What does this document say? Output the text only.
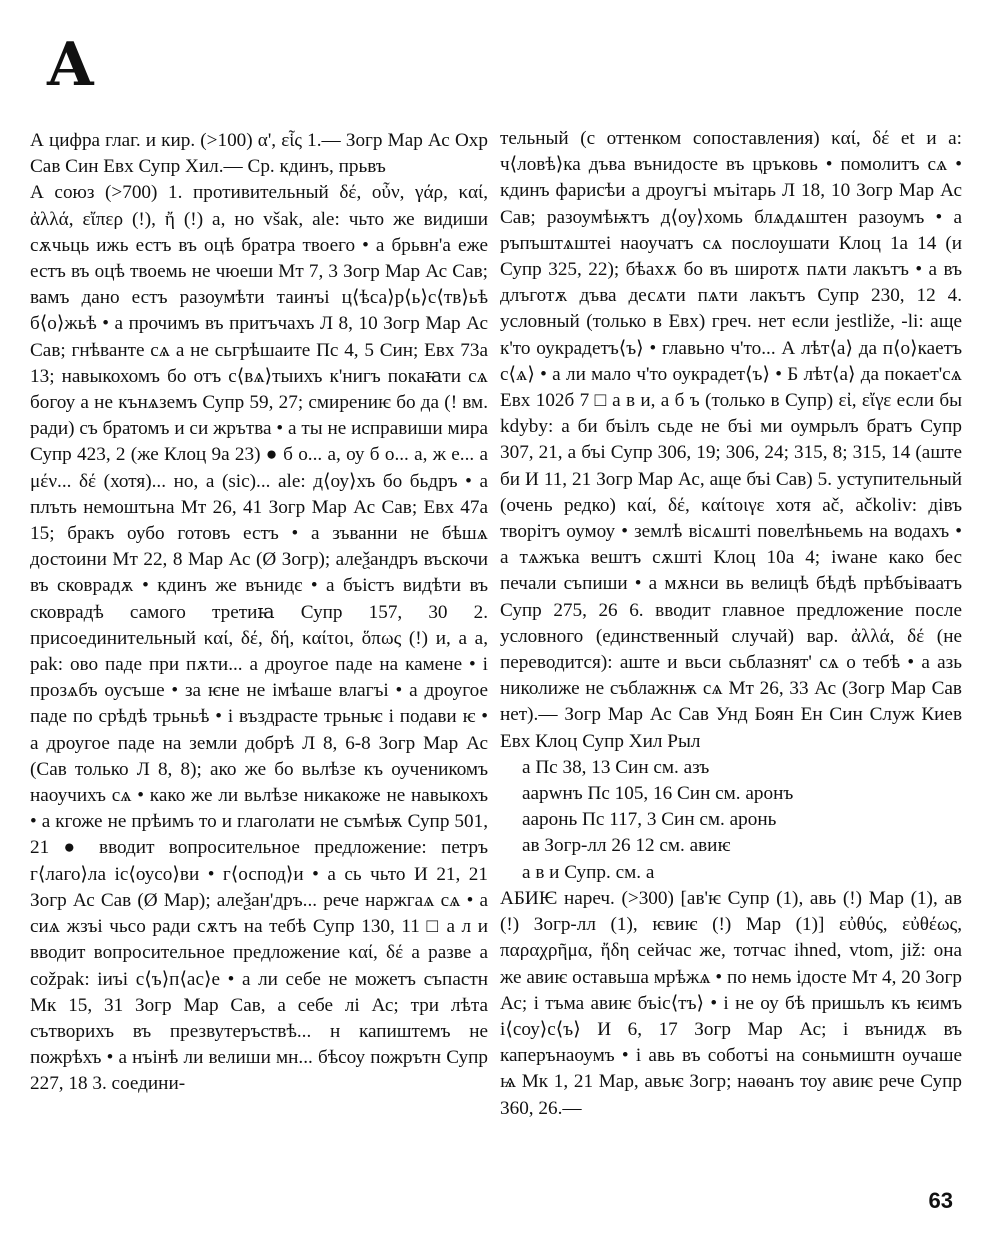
А

А цифра глаг. и кир. (>100) α', εἷς 1.— Зогр Мар Ас Охр Сав Син Евх Супр Хил.— Ср. кдинъ, прьвъ

А союз (>700) 1. противительный δέ, οὖν, γάρ, καί, ἀλλά, εἴπερ (!), ἤ (!) а, но však, ale: чьто же видиши сѫчьць ижь естъ въ оцѣ братра твоего • а брьвн'а еже естъ въ оцѣ твоемь не чюеши Мт 7, 3 Зогр Мар Ас Сав; вамъ дано естъ разоумѣти таинъі ц⟨ѣса⟩р⟨ь⟩с⟨тв⟩ьѣ б⟨о⟩жьѣ • а прочимъ въ притъчахъ Л 8, 10 Зогр Мар Ас Сав; гнѣванте сѧ а не сьгрѣшаите Пс 4, 5 Син; Евх 73а 13; навыкохомъ бо отъ с⟨вѧ⟩тыихъ к'нигъ покаꙗти сѧ богоу а не кънѧземъ Супр 59, 27; смирениѥ бо да (! вм. ради) съ братомъ и си жрътва • а ты не исправиши мира Супр 423, 2 (же Клоц 9а 23) ● б о... а, оу б о... а, ж е... а μέν... δέ (хотя)... но, а (sic)... ale: д⟨оу⟩хъ бо бьдръ • а плъть немоштьна Мт 26, 41 Зогр Мар Ас Сав; Евх 47а 15; бракъ оубо готовъ естъ • а зъванни не бѣшѧ достоини Мт 22, 8 Мар Ас (Ø Зогр); алеѯандръ въскочи въ сковрадѫ • кдинъ же вънидє • а бъістъ видѣти въ сковрадѣ самого третиꙗ Супр 157, 30 2. присоединительный καί, δέ, δή, καίτοι, ὅπως (!) и, а а, pak: ово паде при пѫти... а дроугое паде на камене • і прозѧбъ оусъше • за ѥне не імѣаше влагъі • а дроугое паде по срѣдѣ трьньѣ • і въздрасте трьньѥ і подави ѥ • а дроугое паде на земли добрѣ Л 8, 6-8 Зогр Мар Ас (Сав только Л 8, 8); ако же бо вьлѣзе къ оученикомъ наоучихъ сѧ • како же ли вьлѣзе никакоже не навыкохъ • а кгоже не прѣимъ то и глаголати не съмѣѭ Супр 501, 21 ● вводит вопросительное предложение: петръ г⟨лаго⟩ла іс⟨оусо⟩ви • г⟨оспод⟩и • а сь чьто И 21, 21 Зогр Ас Сав (Ø Мар); алеѯан'дръ... рече наржгаѧ сѧ • а сиѧ жзъі чьсо ради сѫтъ на тебѣ Супр 130, 11 □ а л и вводит вопросительное предложение καί, δέ а разве а cožpak: іиъі с⟨ъ⟩п⟨ас⟩е • а ли себе не можетъ съпастн Мк 15, 31 Зогр Мар Сав, а себе лі Ас; три лѣта сътворихъ въ презвутеръствѣ... н капиштемъ не пожрѣхъ • а нъінѣ ли велиши мн... бѣсоу пожрътн Супр 227, 18 3. соедини-

тельный (с оттенком сопоставления) καί, δέ et и а: ч⟨ловѣ⟩ка дъва вънидосте въ цръковь • помолитъ сѧ • кдинъ фарисѣи а дроугъі мъітарь Л 18, 10 Зогр Мар Ас Сав; разоумѣѭтъ д⟨оу⟩хомь блѧдѧштен разоумъ • а ръпъштѧштеі наоучатъ сѧ послоушати Клоц 1а 14 (и Супр 325, 22); бѣахѫ бо въ широтѫ пѧти лакътъ • а въ длъготѫ дъва десѧти пѧти лакътъ Супр 230, 12 4. условный (только в Евх) греч. нет если jestliže, -li: аще к'то оукрадетъ⟨ъ⟩ • главьно ч'то... А лѣт⟨а⟩ да п⟨о⟩каетъ с⟨ѧ⟩ • а ли мало ч'то оукрадет⟨ъ⟩ • Б лѣт⟨а⟩ да покает'сѧ Евх 102б 7 □ а в и, а б ъ (только в Супр) εἰ, εἴγε если бы kdyby: а би бъілъ сьде не бъі ми оумрьлъ братъ Супр 307, 21, а бъі Супр 306, 19; 306, 24; 315, 8; 315, 14 (аште би И 11, 21 Зогр Мар Ас, аще бъі Сав) 5. уступительный (очень редко) καί, δέ, καίτοιγε хотя ač, ačkoliv: дівъ творітъ оумоу • землѣ вісѧшті повелѣньемь на водахъ • а тѧжъка вештъ сѫшті Клоц 10а 4; іwане како бес печали съпиши • а мѫнси вь велицѣ бѣдѣ прѣбъіваатъ Супр 275, 26 6. вводит главное предложение после условного (единственный случай) вар. ἀλλά, δέ (не переводится): аште и вьси сьблазнят' сѧ о тебѣ • а азь николиже не съблажнѭ сѧ Мт 26, 33 Ас (Зогр Мар Сав нет).— Зогр Мар Ас Сав Унд Боян Ен Син Служ Киев Евх Клоц Супр Хил Рыл

а Пс 38, 13 Син см. азъ

аарwнъ Пс 105, 16 Син см. аронъ

ааронь Пс 117, 3 Син см. аронь

ав Зогр-лл 26 12 см. авиѥ

а в и Супр. см. а

АБИѤ нареч. (>300) [ав'ѥ Супр (1), авь (!) Мар (1), ав (!) Зогр-лл (1), ѥвиѥ (!) Мар (1)] εὐθύς, εὐθέως, παραχρῆμα, ἤδη сейчас же, тотчас ihned, vtom, již: она же авиѥ оставьша мрѣжѧ • по немь ідосте Мт 4, 20 Зогр Ас; і тъма авиѥ бъіс⟨тъ⟩ • і не оу бѣ пришьлъ къ ѥимъ і⟨соу⟩с⟨ъ⟩ И 6, 17 Зогр Мар Ас; і вънидѫ въ каперънаоумъ • і авь въ соботъі на соньмиштн оучаше ѩ Мк 1, 21 Мар, авьѥ Зогр; наѳанъ тоу авиѥ рече Супр 360, 26.—

63
